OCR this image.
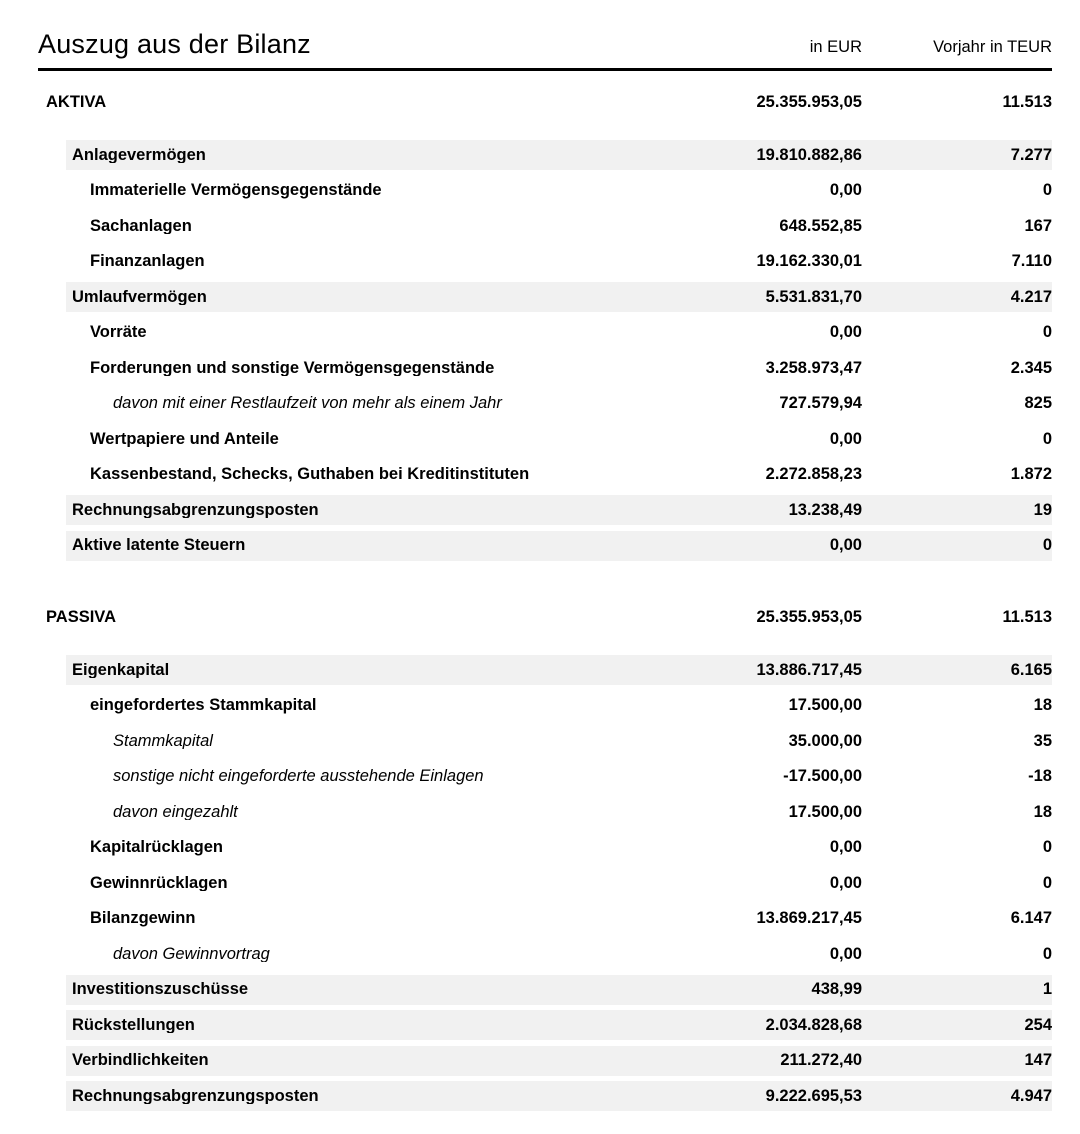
Auszug aus der Bilanz	in EUR	Vorjahr in TEUR
AKTIVA	25.355.953,05	11.513
Anlagevermögen	19.810.882,86	7.277
Immaterielle Vermögensgegenstände	0,00	0
Sachanlagen	648.552,85	167
Finanzanlagen	19.162.330,01	7.110
Umlaufvermögen	5.531.831,70	4.217
Vorräte	0,00	0
Forderungen und sonstige Vermögensgegenstände	3.258.973,47	2.345
davon mit einer Restlaufzeit von mehr als einem Jahr	727.579,94	825
Wertpapiere und Anteile	0,00	0
Kassenbestand, Schecks, Guthaben bei Kreditinstituten	2.272.858,23	1.872
Rechnungsabgrenzungsposten	13.238,49	19
Aktive latente Steuern	0,00	0
PASSIVA	25.355.953,05	11.513
Eigenkapital	13.886.717,45	6.165
eingefordertes Stammkapital	17.500,00	18
Stammkapital	35.000,00	35
sonstige nicht eingeforderte ausstehende Einlagen	-17.500,00	-18
davon eingezahlt	17.500,00	18
Kapitalrücklagen	0,00	0
Gewinnrücklagen	0,00	0
Bilanzgewinn	13.869.217,45	6.147
davon Gewinnvortrag	0,00	0
Investitionszuschüsse	438,99	1
Rückstellungen	2.034.828,68	254
Verbindlichkeiten	211.272,40	147
Rechnungsabgrenzungsposten	9.222.695,53	4.947
